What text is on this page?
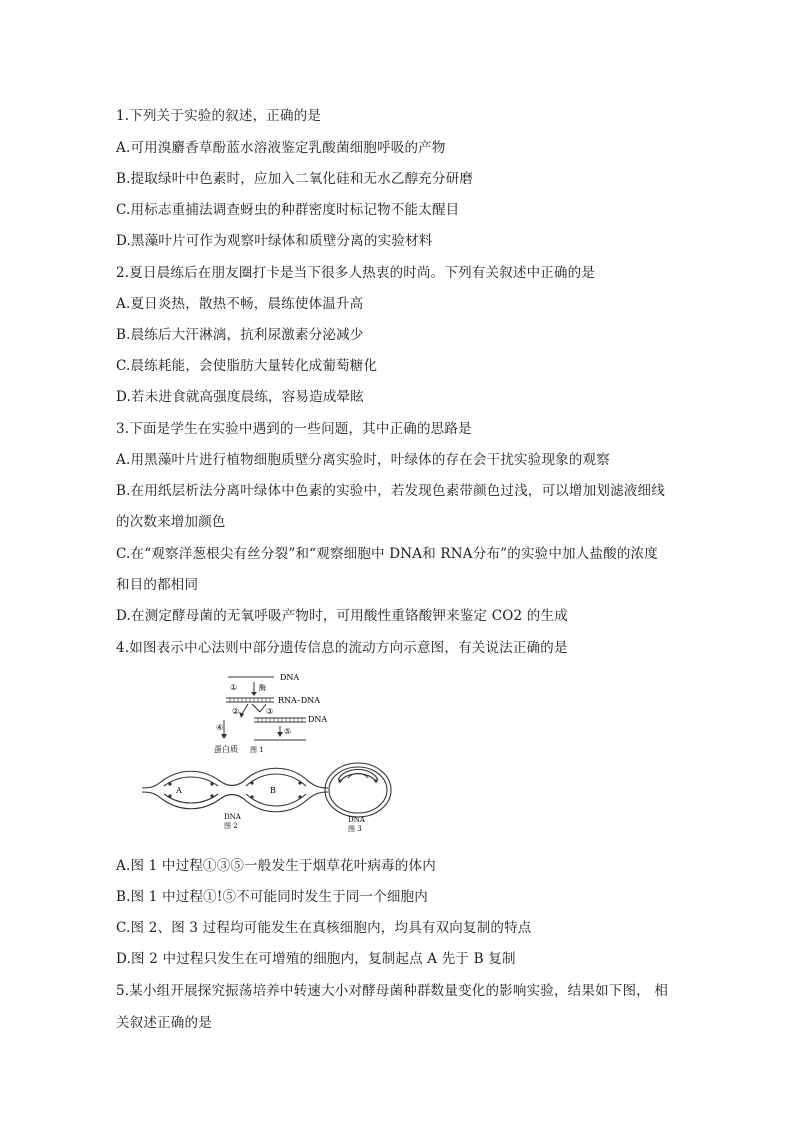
1.下列关于实验的叙述，正确的是
A.可用溴麝香草酚蓝水溶液鉴定乳酸菌细胞呼吸的产物
B.提取绿叶中色素时，应加入二氧化硅和无水乙醇充分研磨
C.用标志重捕法调查蚜虫的种群密度时标记物不能太醒目
D.黑藻叶片可作为观察叶绿体和质壁分离的实验材料
2.夏日晨练后在朋友圈打卡是当下很多人热衷的时尚。下列有关叙述中正确的是
A.夏日炎热，散热不畅，晨练使体温升高
B.晨练后大汗淋漓，抗利尿激素分泌减少
C.晨练耗能，会使脂肪大量转化成葡萄糖化
D.若未进食就高强度晨练，容易造成晕眩
3.下面是学生在实验中遇到的一些问题，其中正确的思路是
A.用黑藻叶片进行植物细胞质壁分离实验时，叶绿体的存在会干扰实验现象的观察
B.在用纸层析法分离叶绿体中色素的实验中，若发现色素带颜色过浅，可以增加划滤液细线
的次数来增加颜色
C.在“观察洋葱根尖有丝分裂”和“观察细胞中 DNA和 RNA分布”的实验中加人盐酸的浓度
和目的都相同
D.在测定酵母菌的无氧呼吸产物时，可用酸性重铬酸钾来鉴定 CO2 的生成
4.如图表示中心法则中部分遗传信息的流动方向示意图，有关说法正确的是
DNA
①	酶
RNA–DNA
②	③
DNA
④	⑤
蛋白质 图 1
A	B
DNA
图 2
DNA
图 3
A.图 1 中过程①③⑤一般发生于烟草花叶病毒的体内
B.图 1 中过程①!⑤不可能同时发生于同一个细胞内
C.图 2、图 3 过程均可能发生在真核细胞内，均具有双向复制的特点
D.图 2 中过程只发生在可增殖的细胞内，复制起点 A 先于 B 复制
5.某小组开展探究振荡培养中转速大小对酵母菌种群数量变化的影响实验，结果如下图， 相
关叙述正确的是
